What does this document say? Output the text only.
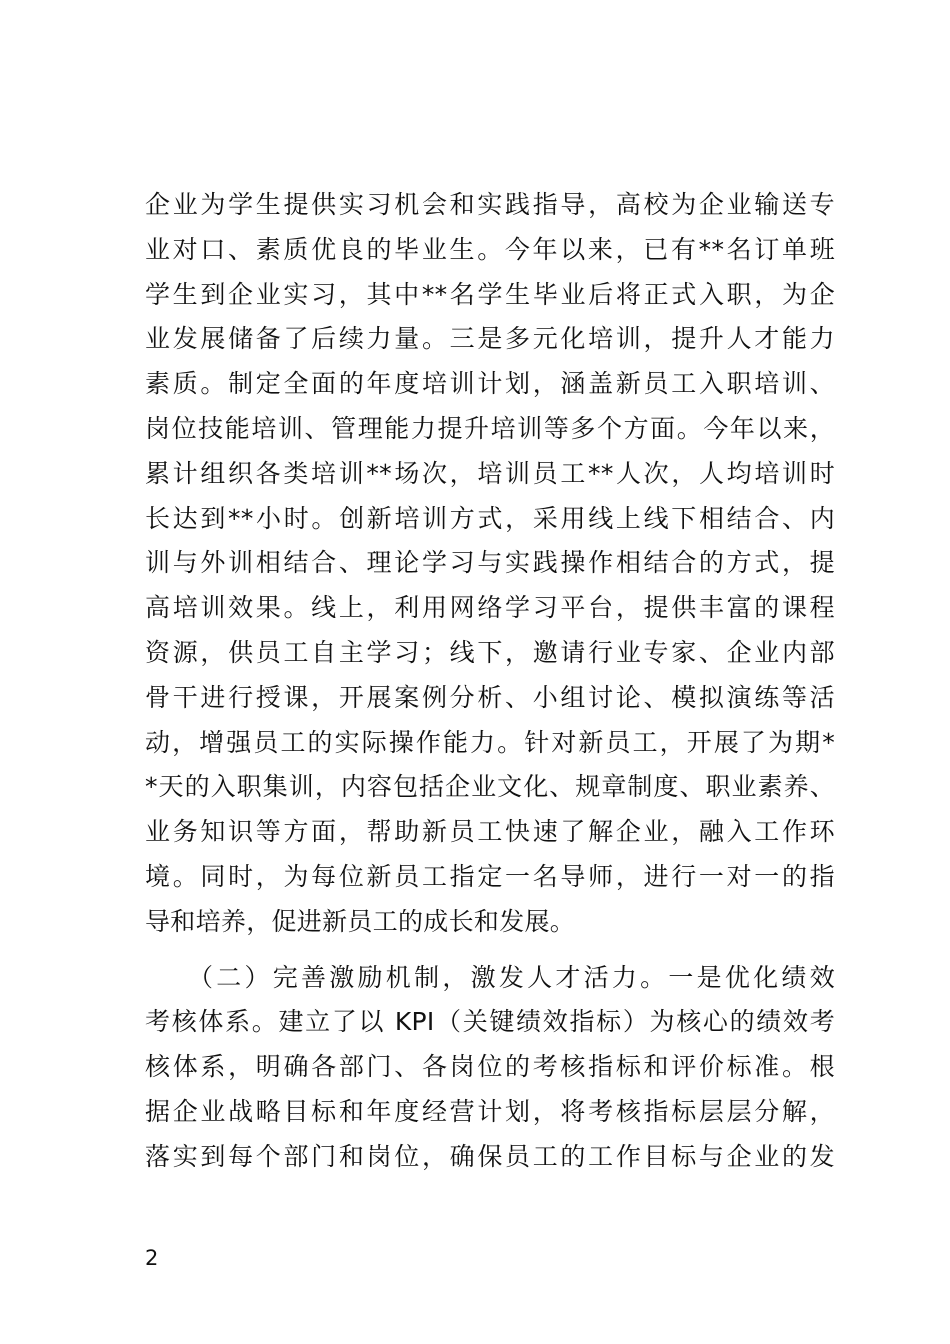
企业为学生提供实习机会和实践指导，高校为企业输送专
业对口、素质优良的毕业生。今年以来，已有**名订单班
学生到企业实习，其中**名学生毕业后将正式入职，为企
业发展储备了后续力量。三是多元化培训，提升人才能力
素质。制定全面的年度培训计划，涵盖新员工入职培训、
岗位技能培训、管理能力提升培训等多个方面。今年以来，
累计组织各类培训**场次，培训员工**人次，人均培训时
长达到**小时。创新培训方式，采用线上线下相结合、内
训与外训相结合、理论学习与实践操作相结合的方式，提
高培训效果。线上，利用网络学习平台，提供丰富的课程
资源，供员工自主学习；线下，邀请行业专家、企业内部
骨干进行授课，开展案例分析、小组讨论、模拟演练等活
动，增强员工的实际操作能力。针对新员工，开展了为期*
*天的入职集训，内容包括企业文化、规章制度、职业素养、
业务知识等方面，帮助新员工快速了解企业，融入工作环
境。同时，为每位新员工指定一名导师，进行一对一的指
导和培养，促进新员工的成长和发展。
（二）完善激励机制，激发人才活力。一是优化绩效
考核体系。建立了以 KPI（关键绩效指标）为核心的绩效考
核体系，明确各部门、各岗位的考核指标和评价标准。根
据企业战略目标和年度经营计划，将考核指标层层分解，
落实到每个部门和岗位，确保员工的工作目标与企业的发
2
